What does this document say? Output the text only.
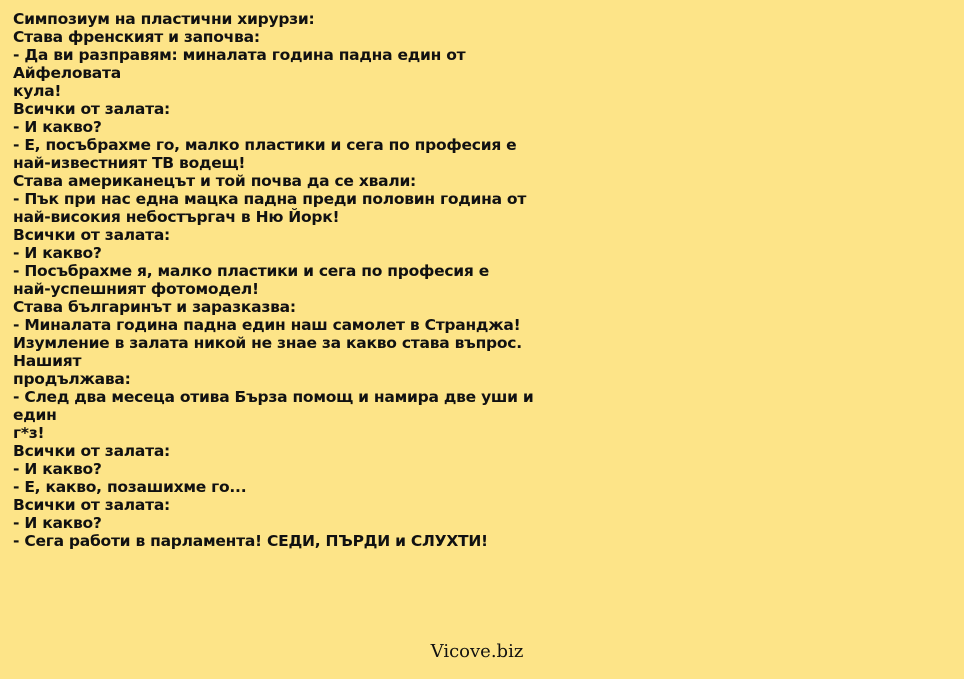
Симпозиум на пластични хирурзи:
Става френският и започва:
- Да ви разправям: миналата година падна един от Айфеловата
кула!
Всички от залата:
- И какво?
- Е, посъбрахме го, малко пластики и сега по професия е
най-известният ТВ водещ!
Става американецът и той почва да се хвали:
- Пък при нас една мацка падна преди половин година от
най-високия небостъргач в Ню Йорк!
Всички от залата:
- И какво?
- Посъбрахме я, малко пластики и сега по професия е
най-успешният фотомодел!
Става българинът и заразказва:
- Миналата година падна един наш самолет в Странджа!
Изумление в залата никой не знае за какво става въпрос. Нашият
продължава:
- След два месеца отива Бърза помощ и намира две уши и един
г*з!
Всички от залата:
- И какво?
- Е, какво, позашихме го...
Всички от залата:
- И какво?
- Сега работи в парламента! СЕДИ, ПЪРДИ и СЛУХТИ!
Vicove.biz
